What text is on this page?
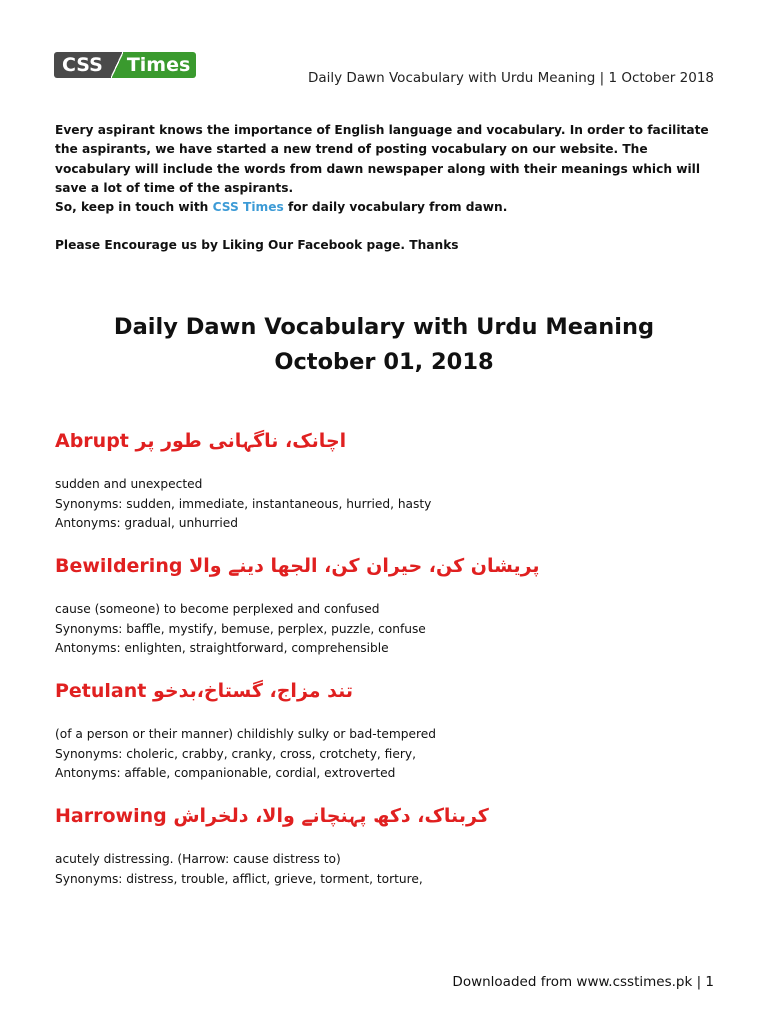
CSS	Times
Daily Dawn Vocabulary with Urdu Meaning | 1 October 2018

Every aspirant knows the importance of English language and vocabulary. In order to facilitate the aspirants, we have started a new trend of posting vocabulary on our website. The vocabulary will include the words from dawn newspaper along with their meanings which will save a lot of time of the aspirants.

So, keep in touch with CSS Times for daily vocabulary from dawn.

Please Encourage us by Liking Our Facebook page. Thanks

Daily Dawn Vocabulary with Urdu Meaning
October 01, 2018
Abrupt اچانک، ناگہانی طور پر
sudden and unexpected
Synonyms: sudden, immediate, instantaneous, hurried, hasty
Antonyms: gradual, unhurried
Bewildering پریشان کن، حیران کن، الجھا دینے والا
cause (someone) to become perplexed and confused
Synonyms: baffle, mystify, bemuse, perplex, puzzle, confuse
Antonyms: enlighten, straightforward, comprehensible
Petulant تند مزاج، گستاخ،بدخو
(of a person or their manner) childishly sulky or bad-tempered
Synonyms: choleric, crabby, cranky, cross, crotchety, fiery,
Antonyms: affable, companionable, cordial, extroverted
Harrowing کربناک، دکھ پہنچانے والا، دلخراش
acutely distressing. (Harrow: cause distress to)
Synonyms: distress, trouble, afflict, grieve, torment, torture,
Downloaded from www.csstimes.pk | 1
